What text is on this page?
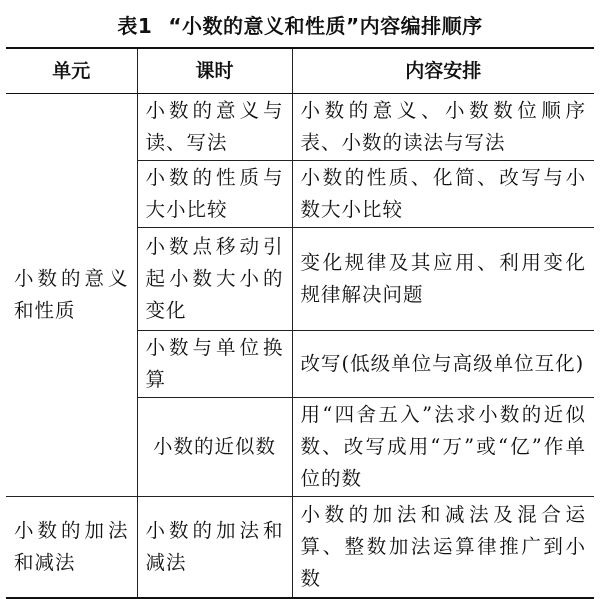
表1 “小数的意义和性质”内容编排顺序
单元	课时	内容安排
小数的意义和性质	小数的意义与读、写法	小数的意义、小数数位顺序表、小数的读法与写法
	小数的性质与大小比较	小数的性质、化简、改写与小数大小比较
	小数点移动引起小数大小的变化	变化规律及其应用、利用变化规律解决问题
	小数与单位换算	改写(低级单位与高级单位互化)
	小数的近似数	用“四舍五入”法求小数的近似数、改写成用“万”或“亿”作单位的数
小数的加法和减法	小数的加法和减法	小数的加法和减法及混合运算、整数加法运算律推广到小数
